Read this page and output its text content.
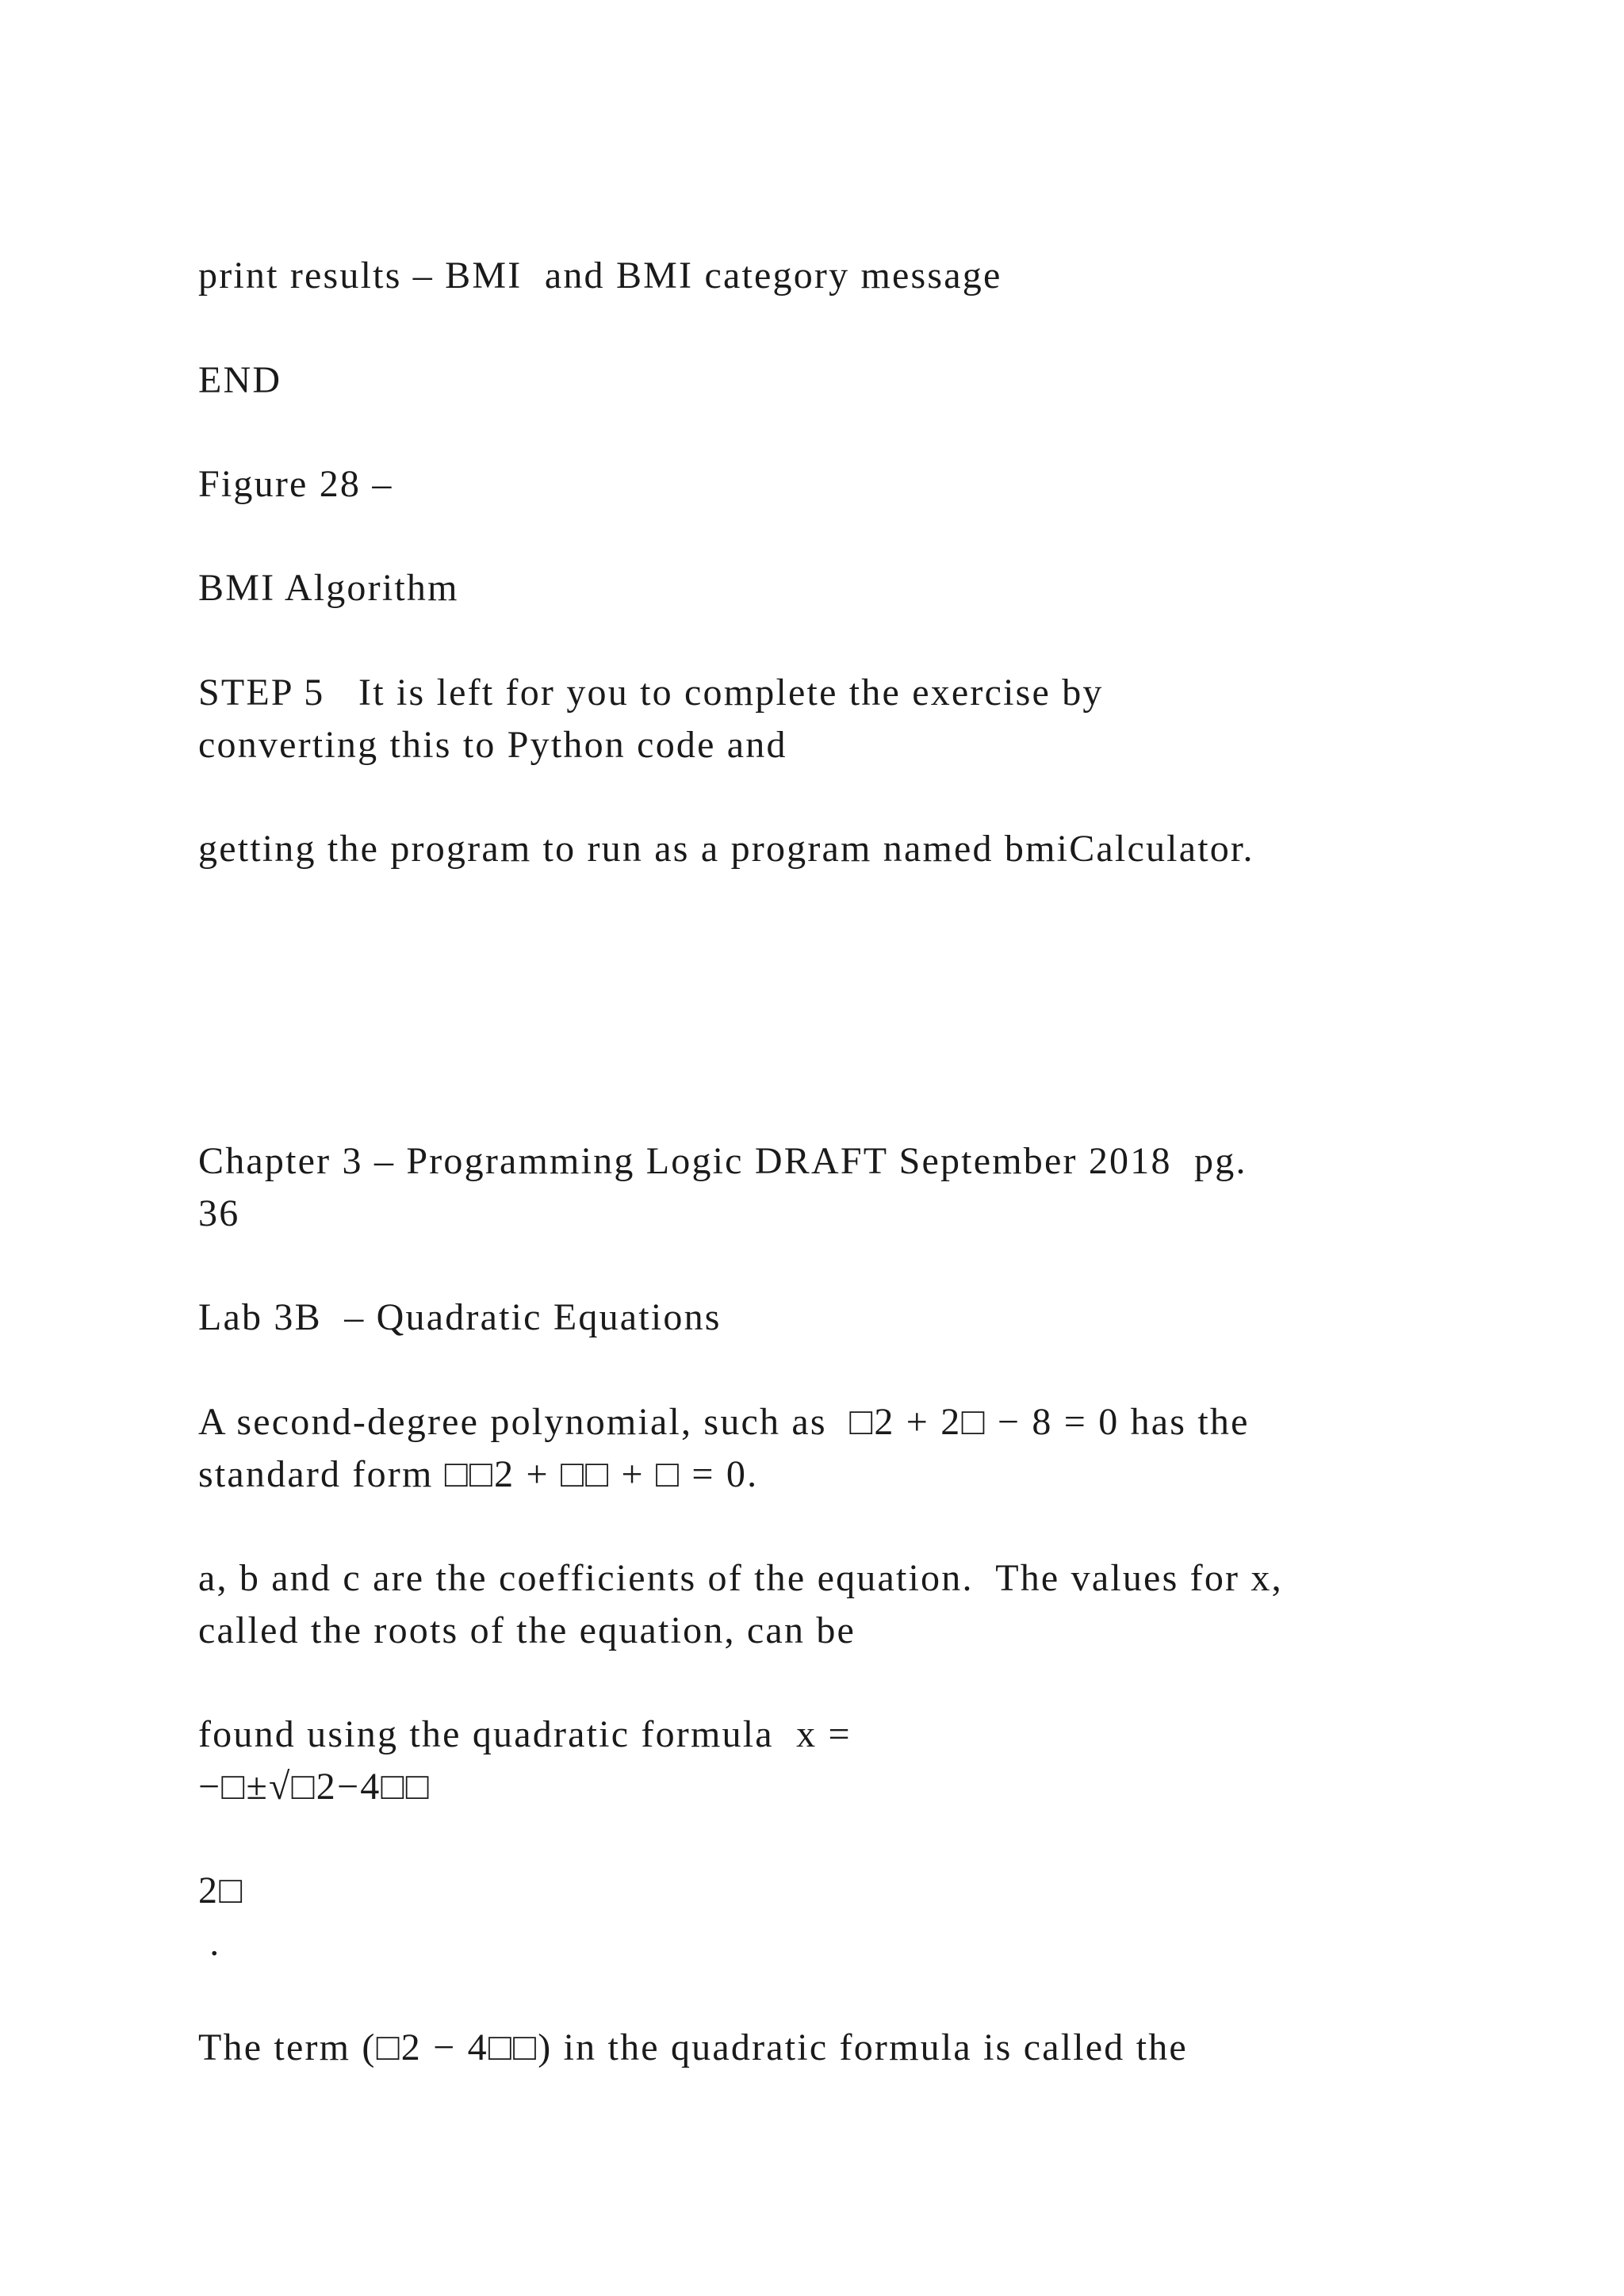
print results – BMI  and BMI category message
END
Figure 28 –
BMI Algorithm
STEP 5   It is left for you to complete the exercise by
converting this to Python code and
getting the program to run as a program named bmiCalculator.
Chapter 3 – Programming Logic DRAFT September 2018  pg.
36
Lab 3B  – Quadratic Equations
A second-degree polynomial, such as  □2 + 2□ − 8 = 0 has the
standard form □□2 + □□ + □ = 0.
a, b and c are the coefficients of the equation.  The values for x,
called the roots of the equation, can be
found using the quadratic formula  x =
−□±√□2−4□□
2□
.
The term (□2 − 4□□) in the quadratic formula is called the
